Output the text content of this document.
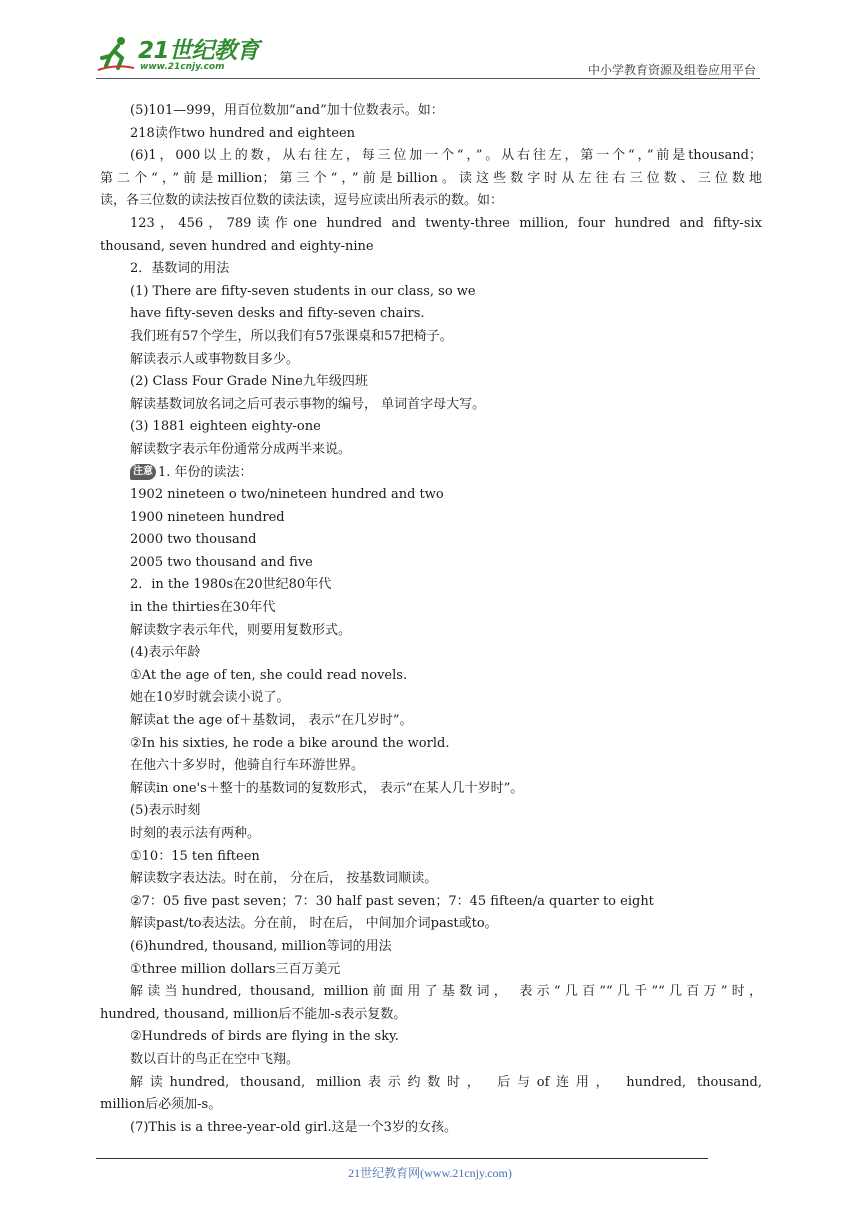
21世纪教育
www.21cnjy.com	中小学教育资源及组卷应用平台
(5)101—999，用百位数加“and”加十位数表示。如：
218读作two hundred and eighteen
(6)1，000以上的数，从右往左，每三位加一个“，”。从右往左，第一个“，”前是thousand；
第二个“，”前是million；第三个“，”前是billion。读这些数字时从左往右三位数、三位数地
读，各三位数的读法按百位数的读法读，逗号应读出所表示的数。如：
123，456，789读作one hundred and twenty-three million, four hundred and fifty-six
thousand, seven hundred and eighty-nine
2．基数词的用法
(1) There are fifty-seven students in our class, so we
have fifty-seven desks and fifty-seven chairs.
我们班有57个学生，所以我们有57张课桌和57把椅子。
解读表示人或事物数目多少。
(2) Class Four Grade Nine九年级四班
解读基数词放名词之后可表示事物的编号， 单词首字母大写。
(3) 1881 eighteen eighty-one
解读数字表示年份通常分成两半来说。
注意 1. 年份的读法：
1902 nineteen o two/nineteen hundred and two
1900 nineteen hundred
2000 two thousand
2005 two thousand and five
2．in the 1980s在20世纪80年代
in the thirties在30年代
解读数字表示年代，则要用复数形式。
(4)表示年龄
①At the age of ten, she could read novels.
她在10岁时就会读小说了。
解读at the age of＋基数词， 表示“在几岁时”。
②In his sixties, he rode a bike around the world.
在他六十多岁时，他骑自行车环游世界。
解读in one's＋整十的基数词的复数形式， 表示“在某人几十岁时”。
(5)表示时刻
时刻的表示法有两种。
①10：15 ten fifteen
解读数字表达法。时在前， 分在后， 按基数词顺读。
②7：05 five past seven；7：30 half past seven；7：45 fifteen/a quarter to eight
解读past/to表达法。分在前， 时在后， 中间加介词past或to。
(6)hundred, thousand, million等词的用法
①three million dollars三百万美元
解读当hundred, thousand, million前面用了基数词， 表示“几百”“几千”“几百万”时，
hundred, thousand, million后不能加-s表示复数。
②Hundreds of birds are flying in the sky.
数以百计的鸟正在空中飞翔。
解读hundred, thousand, million表示约数时， 后与of连用， hundred, thousand,
million后必须加-s。
(7)This is a three-year-old girl.这是一个3岁的女孩。
21世纪教育网(www.21cnjy.com)
